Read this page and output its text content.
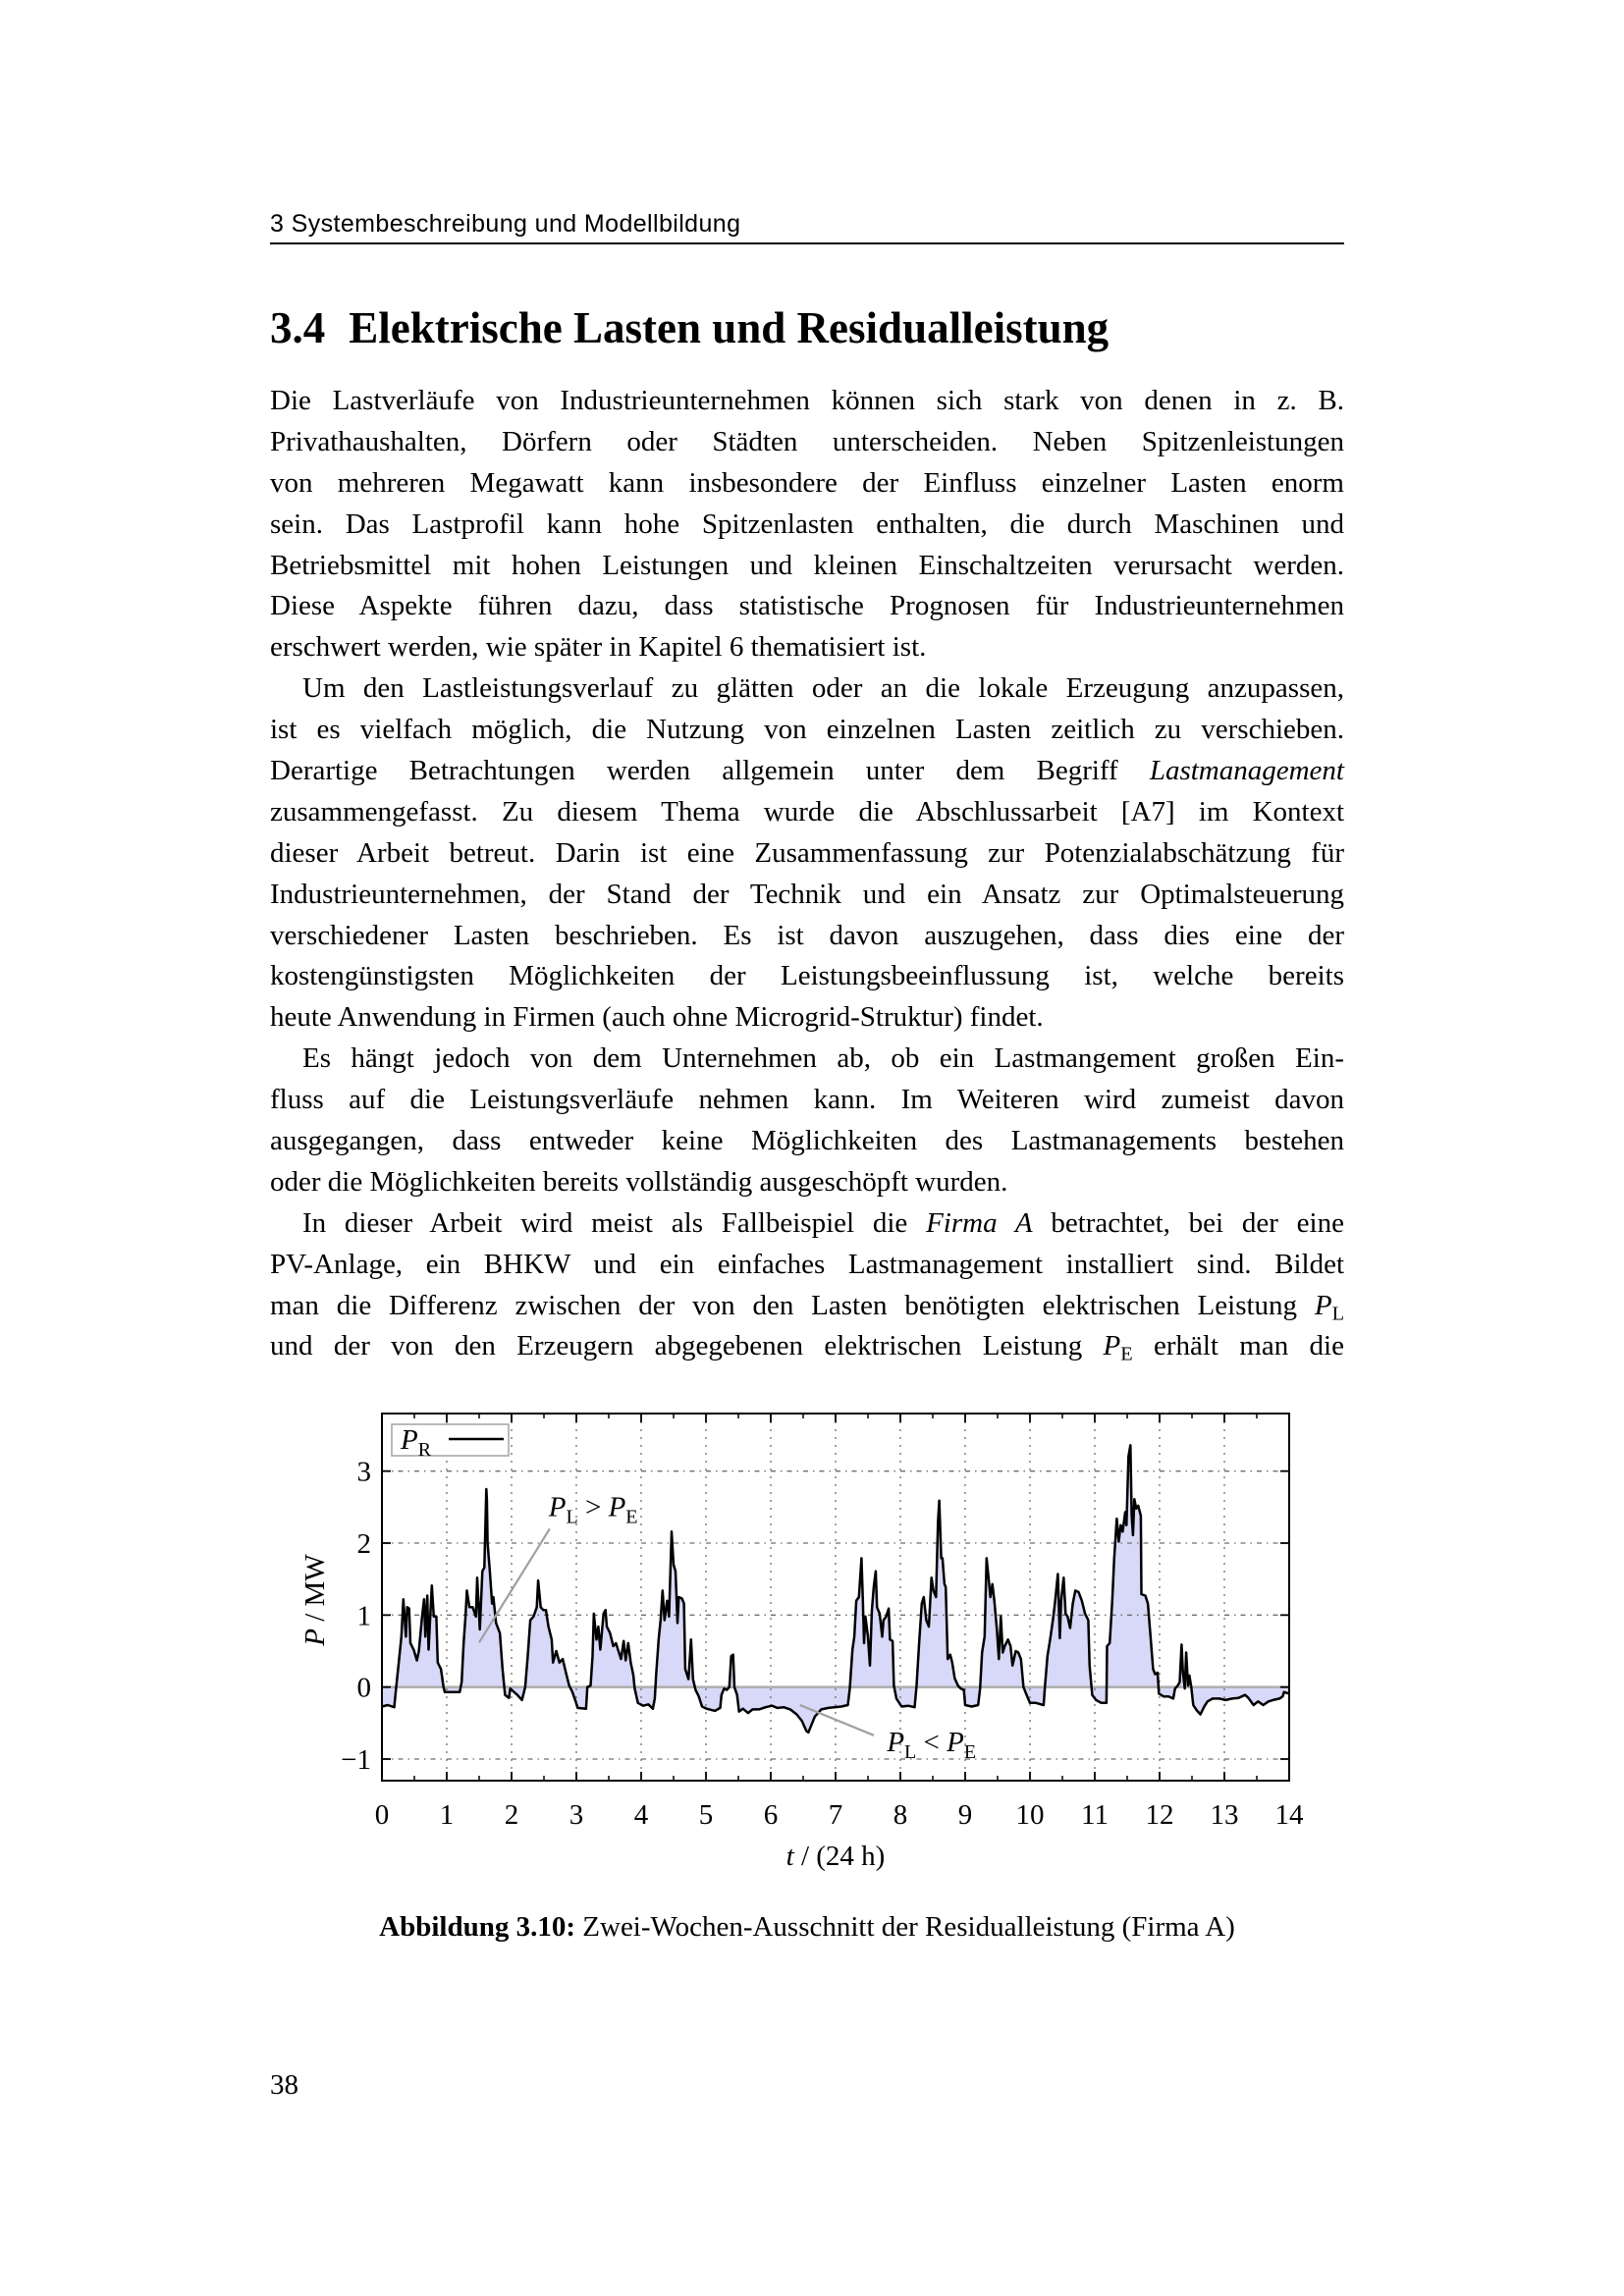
3 Systembeschreibung und Modellbildung
3.4 Elektrische Lasten und Residualleistung
Die Lastverläufe von Industrieunternehmen können sich stark von denen in z. B.
Privathaushalten, Dörfern oder Städten unterscheiden. Neben Spitzenleistungen
von mehreren Megawatt kann insbesondere der Einfluss einzelner Lasten enorm
sein. Das Lastprofil kann hohe Spitzenlasten enthalten, die durch Maschinen und
Betriebsmittel mit hohen Leistungen und kleinen Einschaltzeiten verursacht werden.
Diese Aspekte führen dazu, dass statistische Prognosen für Industrieunternehmen
erschwert werden, wie später in Kapitel 6 thematisiert ist.
Um den Lastleistungsverlauf zu glätten oder an die lokale Erzeugung anzupassen,
ist es vielfach möglich, die Nutzung von einzelnen Lasten zeitlich zu verschieben.
Derartige Betrachtungen werden allgemein unter dem Begriff Lastmanagement
zusammengefasst. Zu diesem Thema wurde die Abschlussarbeit [A7] im Kontext
dieser Arbeit betreut. Darin ist eine Zusammenfassung zur Potenzialabschätzung für
Industrieunternehmen, der Stand der Technik und ein Ansatz zur Optimalsteuerung
verschiedener Lasten beschrieben. Es ist davon auszugehen, dass dies eine der
kostengünstigsten Möglichkeiten der Leistungsbeeinflussung ist, welche bereits
heute Anwendung in Firmen (auch ohne Microgrid-Struktur) findet.
Es hängt jedoch von dem Unternehmen ab, ob ein Lastmangement großen Ein-
fluss auf die Leistungsverläufe nehmen kann. Im Weiteren wird zumeist davon
ausgegangen, dass entweder keine Möglichkeiten des Lastmanagements bestehen
oder die Möglichkeiten bereits vollständig ausgeschöpft wurden.
In dieser Arbeit wird meist als Fallbeispiel die Firma A betrachtet, bei der eine
PV-Anlage, ein BHKW und ein einfaches Lastmanagement installiert sind. Bildet
man die Differenz zwischen der von den Lasten benötigten elektrischen Leistung PL
und der von den Erzeugern abgegebenen elektrischen Leistung PE erhält man die
$P_L > P_E$
$P_L < P_E$
0 1 2 3 4 5 6 7 8 9 10 11 12 13 14
−1
0
1
2
3
t / (24 h)
P / MW
$P_R$
Abbildung 3.10: Zwei-Wochen-Ausschnitt der Residualleistung (Firma A)
38
